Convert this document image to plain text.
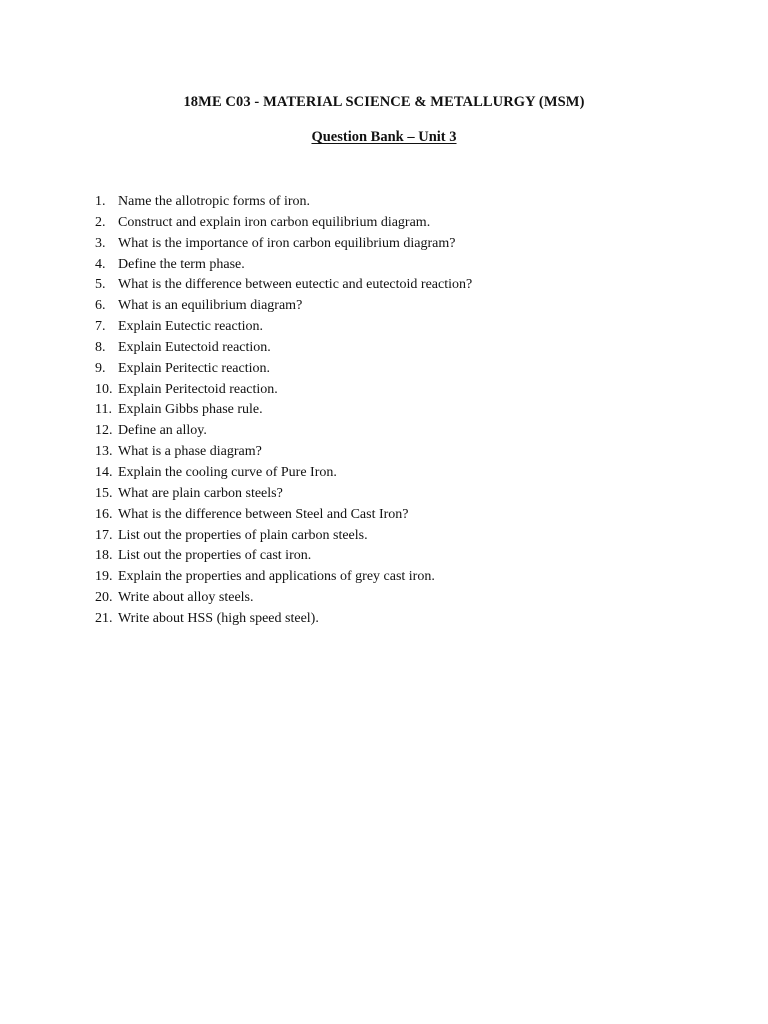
18ME C03 - MATERIAL SCIENCE & METALLURGY (MSM)
Question Bank – Unit 3
1. Name the allotropic forms of iron.
2. Construct and explain iron carbon equilibrium diagram.
3. What is the importance of iron carbon equilibrium diagram?
4. Define the term phase.
5. What is the difference between eutectic and eutectoid reaction?
6. What is an equilibrium diagram?
7. Explain Eutectic reaction.
8. Explain Eutectoid reaction.
9. Explain Peritectic reaction.
10. Explain Peritectoid reaction.
11. Explain Gibbs phase rule.
12. Define an alloy.
13. What is a phase diagram?
14. Explain the cooling curve of Pure Iron.
15. What are plain carbon steels?
16. What is the difference between Steel and Cast Iron?
17. List out the properties of plain carbon steels.
18. List out the properties of cast iron.
19. Explain the properties and applications of grey cast iron.
20. Write about alloy steels.
21. Write about HSS (high speed steel).
